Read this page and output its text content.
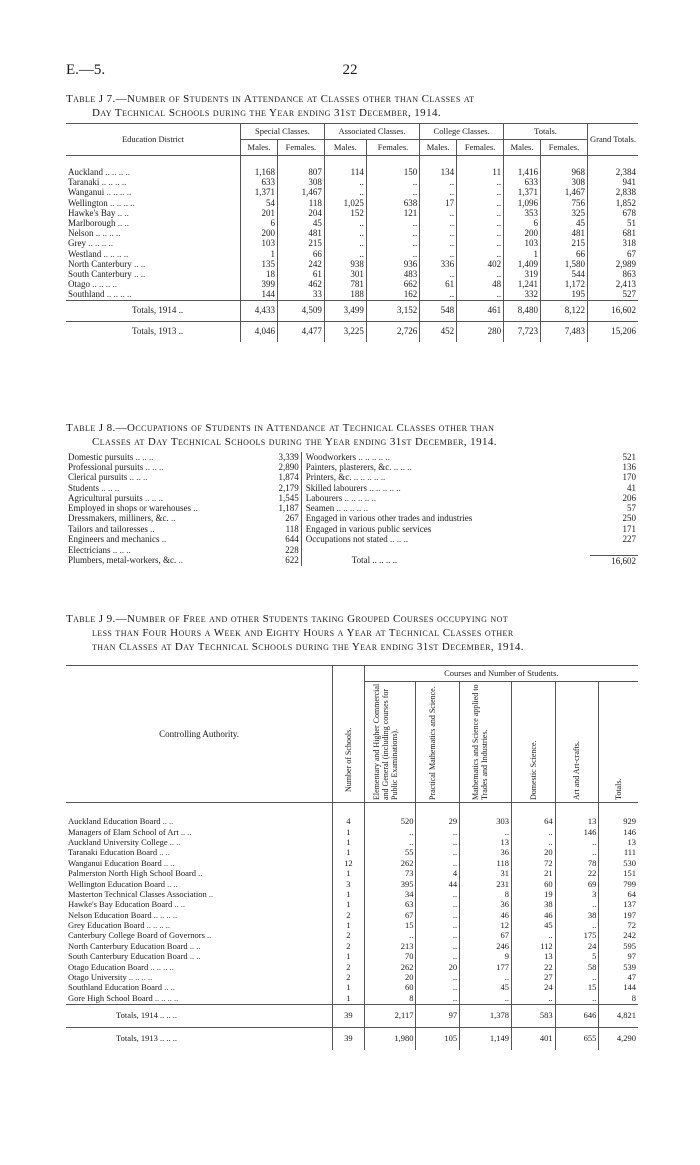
E.—5.	22
Table J 7.—Number of Students in Attendance at Classes other than Classes at
Day Technical Schools during the Year ending 31st December, 1914.
Education District	Special Classes.		Associated Classes.		College Classes.		Totals.		Grand Totals.
	Males.	Females.	Males.	Females.	Males.	Females.	Males.	Females.	

Auckland .. .. .. ..	1,168	807	114	150	134	11	1,416	968	2,384
Taranaki .. .. .. ..	633	308	..	..	..	..	633	308	941
Wanganui .. .. .. ..	1,371	1,467	..	..	..	..	1,371	1,467	2,838
Wellington .. .. .. ..	54	118	1,025	638	17	..	1,096	756	1,852
Hawke's Bay .. ..	201	204	152	121	..	..	353	325	678
Marlborough .. ..	6	45	..	..	..	..	6	45	51
Nelson .. .. .. ..	200	481	..	..	..	..	200	481	681
Grey .. .. .. ..	103	215	..	..	..	..	103	215	318
Westland .. .. .. ..	1	66	..	..	..	..	1	66	67
North Canterbury .. ..	135	242	938	936	336	402	1,409	1,580	2,989
South Canterbury .. ..	18	61	301	483	..	..	319	544	863
Otago .. .. .. ..	399	462	781	662	61	48	1,241	1,172	2,413
Southland .. .. .. ..	144	33	188	162	..	..	332	195	527
Totals, 1914 ..	4,433	4,509	3,499	3,152	548	461	8,480	8,122	16,602
Totals, 1913 ..	4,046	4,477	3,225	2,726	452	280	7,723	7,483	15,206
Table J 8.—Occupations of Students in Attendance at Technical Classes other than
Classes at Day Technical Schools during the Year ending 31st December, 1914.
Domestic pursuits .. .. ..	3,339	Woodworkers .. .. .. .. ..	521
Professional pursuits .. .. ..	2,890	Painters, plasterers, &c. .. .. ..	136
Clerical pursuits .. .. ..	1,874	Printers, &c. .. .. .. .. ..	170
Students .. .. ..	2,179	Skilled labourers .. .. .. .. ..	41
Agricultural pursuits .. .. ..	1,545	Labourers .. .. .. .. ..	206
Employed in shops or warehouses ..	1,187	Seamen .. .. .. .. ..	57
Dressmakers, milliners, &c. ..	267	Engaged in various other trades and industries	250
Tailors and tailoresses ..	118	Engaged in various public services	171
Engineers and mechanics ..	644	Occupations not stated .. .. ..	227
Electricians .. .. ..	228		
Plumbers, metal-workers, &c. ..	622	Total .. .. .. ..	16,602
Table J 9.—Number of Free and other Students taking Grouped Courses occupying not
less than Four Hours a Week and Eighty Hours a Year at Technical Classes other
than Classes at Day Technical Schools during the Year ending 31st December, 1914.
Controlling Authority.	Number of Schools.	Courses and Number of Students.					
		Elementary and Higher Commercial and General (including courses for Public Examinations).	Practical Mathematics and Science.	Mathematics and Science applied to Trades and Industries.	Domestic Science.	Art and Art-crafts.	Totals.

Auckland Education Board .. ..	4	520	29	303	64	13	929
Managers of Elam School of Art .. ..	1	..	..	..	..	146	146
Auckland University College .. ..	1	..	..	13	..	..	13
Taranaki Education Board .. ..	1	55	..	36	20	..	111
Wanganui Education Board .. ..	12	262	..	118	72	78	530
Palmerston North High School Board ..	1	73	4	31	21	22	151
Wellington Education Board .. ..	3	395	44	231	60	69	799
Masterton Technical Classes Association ..	1	34	..	8	19	3	64
Hawke's Bay Education Board .. ..	1	63	..	36	38	..	137
Nelson Education Board .. .. .. ..	2	67	..	46	46	38	197
Grey Education Board .. .. .. ..	1	15	..	12	45	..	72
Canterbury College Board of Governors ..	2	..	..	67	..	175	242
North Canterbury Education Board .. ..	2	213	..	246	112	24	595
South Canterbury Education Board .. ..	1	70	..	9	13	5	97
Otago Education Board .. .. .. ..	2	262	20	177	22	58	539
Otago University .. .. .. ..	2	20	..	..	27	..	47
Southland Education Board .. ..	1	60	..	45	24	15	144
Gore High School Board .. .. .. ..	1	8	..	..	..	..	8
Totals, 1914 .. .. ..	39	2,117	97	1,378	583	646	4,821
Totals, 1913 .. .. ..	39	1,980	105	1,149	401	655	4,290
